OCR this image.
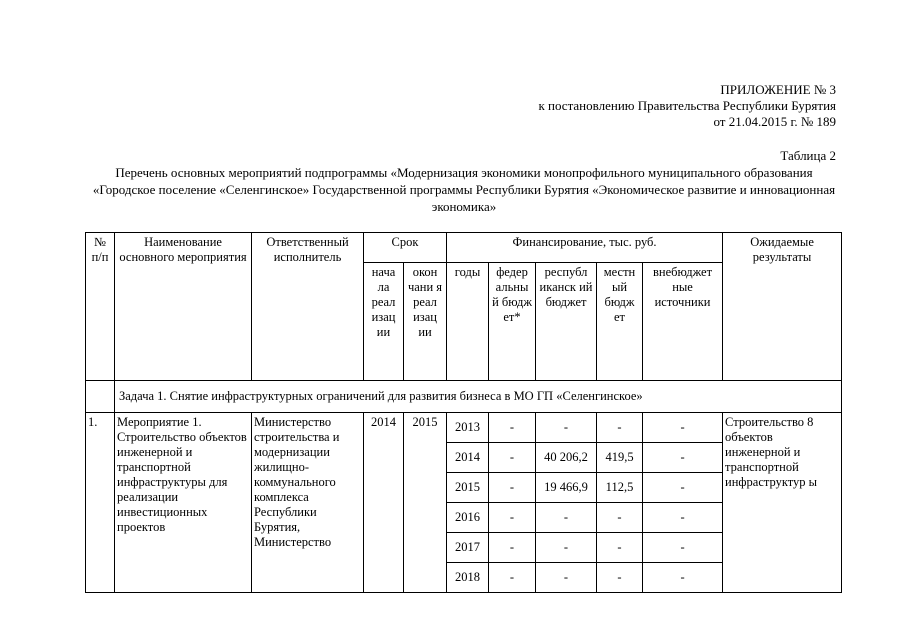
ПРИЛОЖЕНИЕ № 3
к постановлению Правительства Республики Бурятия
от 21.04.2015 г. № 189
Таблица 2
Перечень основных мероприятий подпрограммы «Модернизация экономики монопрофильного муниципального образования «Городское поселение «Селенгинское» Государственной программы Республики Бурятия «Экономическое развитие и инновационная экономика»
№ п/п	Наименование основного мероприятия	Ответственный исполнитель	Срок		Финансирование, тыс. руб.					Ожидаемые результаты
			нача ла реал изац ии	окон чани я реал изац ии	годы	федер альны й бюдж ет*	республ иканск ий бюджет	местн ый бюдж ет	внебюджет ные источники	
	Задача 1. Снятие инфраструктурных ограничений для развития бизнеса в МО ГП «Селенгинское»									
1.	Мероприятие 1. Строительство объектов инженерной и транспортной инфраструктуры для реализации инвестиционных проектов	Министерство строительства и модернизации жилищно-коммунального комплекса Республики Бурятия, Министерство	2014	2015	2013	-	-	-	-	Строительство 8 объектов инженерной и транспортной инфраструктур ы
					2014	-	40 206,2	419,5	-	
					2015	-	19 466,9	112,5	-	
					2016	-	-	-	-	
					2017	-	-	-	-	
					2018	-	-	-	-	
